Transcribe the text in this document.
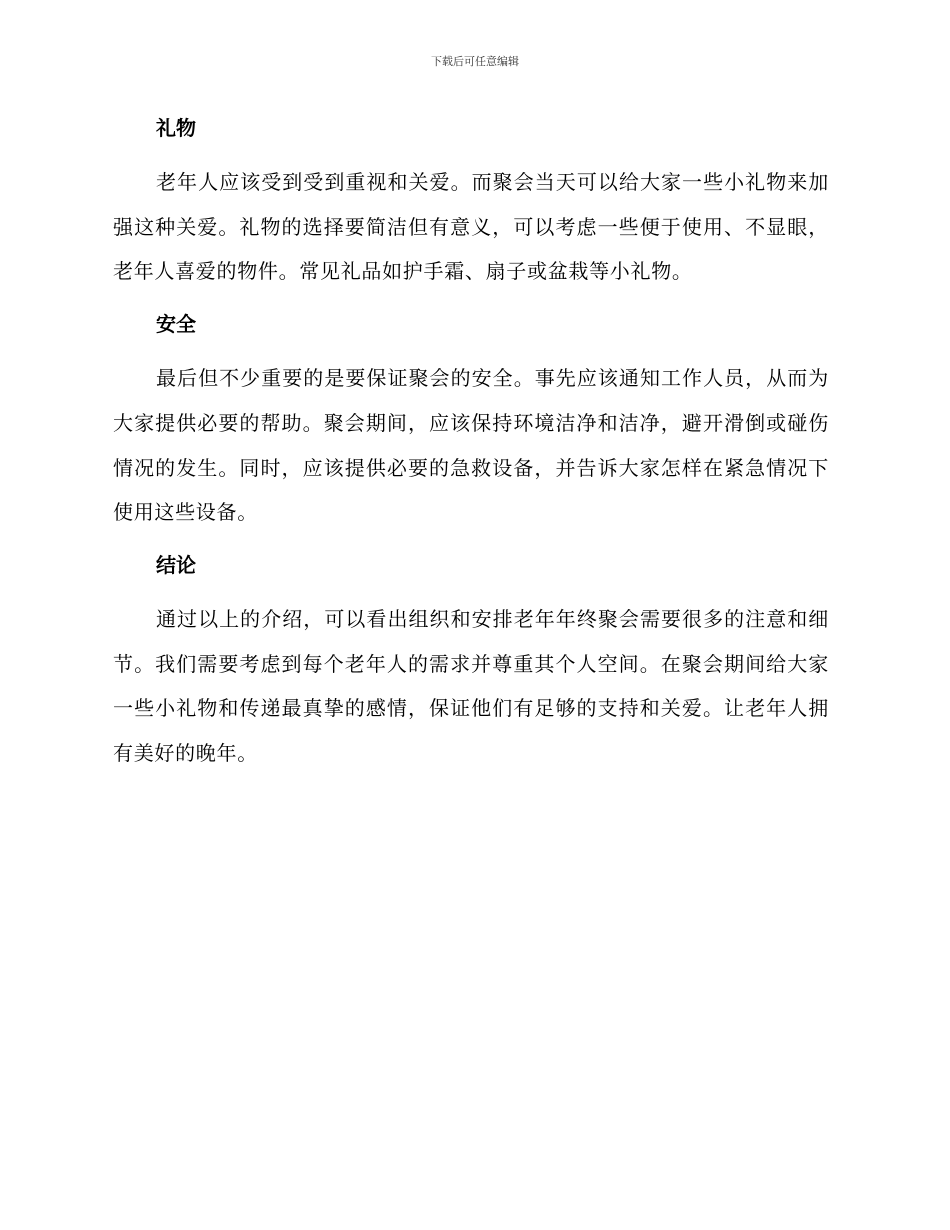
下载后可任意编辑
礼物

老年人应该受到受到重视和关爱。而聚会当天可以给大家一些小礼物来加强这种关爱。礼物的选择要简洁但有意义，可以考虑一些便于使用、不显眼，老年人喜爱的物件。常见礼品如护手霜、扇子或盆栽等小礼物。

安全

最后但不少重要的是要保证聚会的安全。事先应该通知工作人员，从而为大家提供必要的帮助。聚会期间，应该保持环境洁净和洁净，避开滑倒或碰伤情况的发生。同时，应该提供必要的急救设备，并告诉大家怎样在紧急情况下使用这些设备。

结论

通过以上的介绍，可以看出组织和安排老年年终聚会需要很多的注意和细节。我们需要考虑到每个老年人的需求并尊重其个人空间。在聚会期间给大家一些小礼物和传递最真挚的感情，保证他们有足够的支持和关爱。让老年人拥有美好的晚年。
